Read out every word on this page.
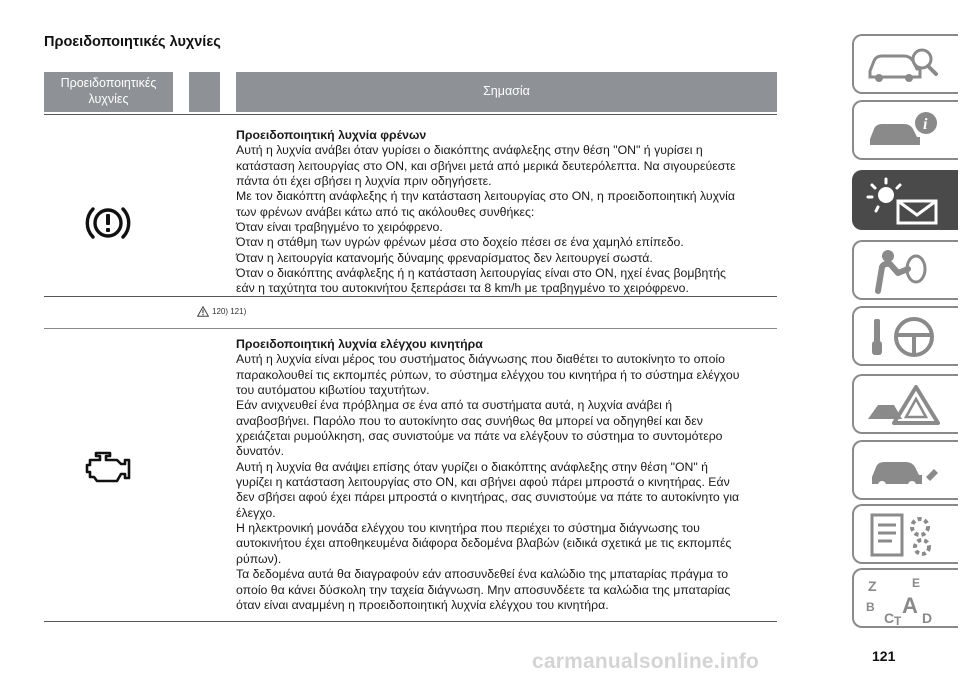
Προειδοποιητικές λυχνίες
Προειδοποιητικές λυχνίες
Σημασία

Προειδοποιητική λυχνία φρένων

Αυτή η λυχνία ανάβει όταν γυρίσει ο διακόπτης ανάφλεξης στην θέση "ON" ή γυρίσει η

κατάσταση λειτουργίας στο ON, και σβήνει μετά από μερικά δευτερόλεπτα. Να σιγουρεύεστε

πάντα ότι έχει σβήσει η λυχνία πριν οδηγήσετε.

Με τον διακόπτη ανάφλεξης ή την κατάσταση λειτουργίας στο ON, η προειδοποιητική λυχνία

των φρένων ανάβει κάτω από τις ακόλουθες συνθήκες:

Όταν είναι τραβηγμένο το χειρόφρενο.

Όταν η στάθμη των υγρών φρένων μέσα στο δοχείο πέσει σε ένα χαμηλό επίπεδο.

Όταν η λειτουργία κατανομής δύναμης φρεναρίσματος δεν λειτουργεί σωστά.

Όταν ο διακόπτης ανάφλεξης ή η κατάσταση λειτουργίας είναι στο ON, ηχεί ένας βομβητής

εάν η ταχύτητα του αυτοκινήτου ξεπεράσει τα 8 km/h με τραβηγμένο το χειρόφρενο.

120) 121)

Προειδοποιητική λυχνία ελέγχου κινητήρα

Αυτή η λυχνία είναι μέρος του συστήματος διάγνωσης που διαθέτει το αυτοκίνητο το οποίο

παρακολουθεί τις εκπομπές ρύπων, το σύστημα ελέγχου του κινητήρα ή το σύστημα ελέγχου

του αυτόματου κιβωτίου ταχυτήτων.

Εάν ανιχνευθεί ένα πρόβλημα σε ένα από τα συστήματα αυτά, η λυχνία ανάβει ή

αναβοσβήνει. Παρόλο που το αυτοκίνητο σας συνήθως θα μπορεί να οδηγηθεί και δεν

χρειάζεται ρυμούλκηση, σας συνιστούμε να πάτε να ελέγξουν το σύστημα το συντομότερο

δυνατόν.

Αυτή η λυχνία θα ανάψει επίσης όταν γυρίζει ο διακόπτης ανάφλεξης στην θέση "ON" ή

γυρίζει η κατάσταση λειτουργίας στο ON, και σβήνει αφού πάρει μπροστά ο κινητήρας. Εάν

δεν σβήσει αφού έχει πάρει μπροστά ο κινητήρας, σας συνιστούμε να πάτε το αυτοκίνητο για

έλεγχο.

Η ηλεκτρονική μονάδα ελέγχου του κινητήρα που περιέχει το σύστημα διάγνωσης του

αυτοκινήτου έχει αποθηκευμένα διάφορα δεδομένα βλαβών (ειδικά σχετικά με τις εκπομπές

ρύπων).

Τα δεδομένα αυτά θα διαγραφούν εάν αποσυνδεθεί ένα καλώδιο της μπαταρίας πράγμα το

οποίο θα κάνει δύσκολη την ταχεία διάγνωση. Μην αποσυνδέετε τα καλώδια της μπαταρίας

όταν είναι αναμμένη η προειδοποιητική λυχνία ελέγχου του κινητήρα.

i
Z	E
B A
C T D
carmanualsonline.info	121
